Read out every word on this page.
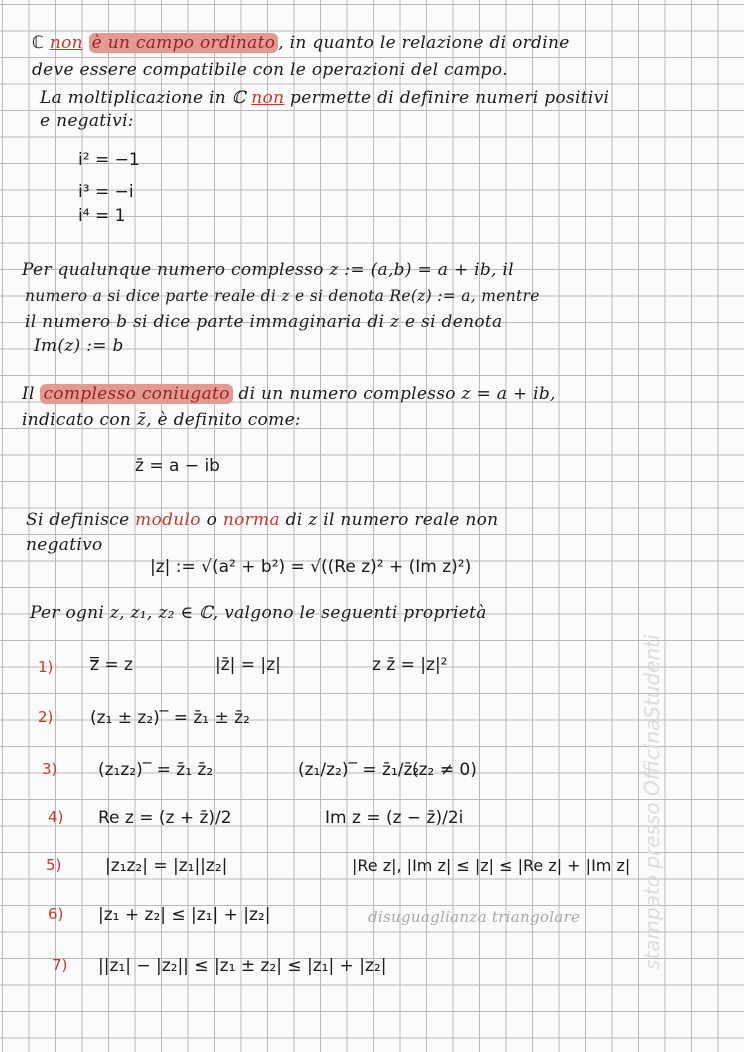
ℂ non è un campo ordinato , in quanto le relazione di ordine
deve essere compatibile con le operazioni del campo.
La moltiplicazione in ℂ non permette di definire numeri positivi
e negativi:
i² = −1
i³ = −i
i⁴ = 1
Per qualunque numero complesso z := (a,b) = a + ib, il
numero a si dice parte reale di z e si denota Re(z) := a, mentre
il numero b si dice parte immaginaria di z e si denota
Im(z) := b
Il complesso coniugato di un numero complesso z = a + ib,
indicato con z̄, è definito come:
z̄ = a − ib
Si definisce modulo o norma di z il numero reale non
negativo
|z| := √(a² + b²) = √((Re z)² + (Im z)²)
Per ogni z, z₁, z₂ ∈ ℂ, valgono le seguenti proprietà
1) z̿ = z	|z̄| = |z|	z z̄ = |z|²
2) (z₁ ± z₂)‾ = z̄₁ ± z̄₂
3) (z₁z₂)‾ = z̄₁ z̄₂	(z₁/z₂)‾ = z̄₁/z̄₂
(z₂ ≠ 0)
4) Re z = (z + z̄)/2	Im z = (z − z̄)/2i
5)	|z₁z₂| = |z₁||z₂|	|Re z|, |Im z| ≤ |z| ≤ |Re z| + |Im z|
6) |z₁ + z₂| ≤ |z₁| + |z₂|	disuguaglianza triangolare
7) ||z₁| − |z₂|| ≤ |z₁ ± z₂| ≤ |z₁| + |z₂|	stampato presso OfficinaStudenti
